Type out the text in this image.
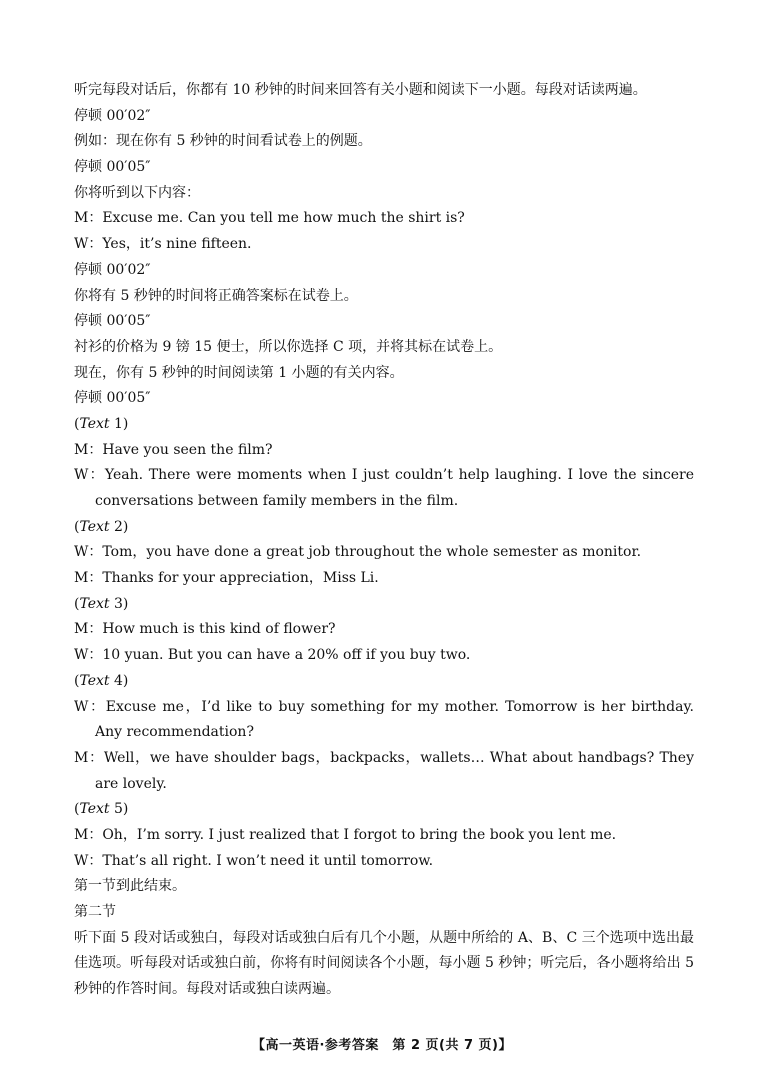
听完每段对话后，你都有 10 秒钟的时间来回答有关小题和阅读下一小题。每段对话读两遍。
停顿 00′02″
例如：现在你有 5 秒钟的时间看试卷上的例题。
停顿 00′05″
你将听到以下内容：
M：Excuse me. Can you tell me how much the shirt is?
W：Yes，it’s nine fifteen.
停顿 00′02″
你将有 5 秒钟的时间将正确答案标在试卷上。
停顿 00′05″
衬衫的价格为 9 镑 15 便士，所以你选择 C 项，并将其标在试卷上。
现在，你有 5 秒钟的时间阅读第 1 小题的有关内容。
停顿 00′05″
(Text 1)
M：Have you seen the film?
W：Yeah. There were moments when I just couldn’t help laughing. I love the sincere conversations between family members in the film.
(Text 2)
W：Tom，you have done a great job throughout the whole semester as monitor.
M：Thanks for your appreciation，Miss Li.
(Text 3)
M：How much is this kind of flower?
W：10 yuan. But you can have a 20% off if you buy two.
(Text 4)
W：Excuse me，I’d like to buy something for my mother. Tomorrow is her birthday. Any recommendation?
M：Well，we have shoulder bags，backpacks，wallets… What about handbags? They are lovely.
(Text 5)
M：Oh，I’m sorry. I just realized that I forgot to bring the book you lent me.
W：That’s all right. I won’t need it until tomorrow.
第一节到此结束。
第二节
听下面 5 段对话或独白，每段对话或独白后有几个小题，从题中所给的 A、B、C 三个选项中选出最佳选项。听每段对话或独白前，你将有时间阅读各个小题，每小题 5 秒钟；听完后，各小题将给出 5 秒钟的作答时间。每段对话或独白读两遍。
【高一英语·参考答案　第 2 页(共 7 页)】
